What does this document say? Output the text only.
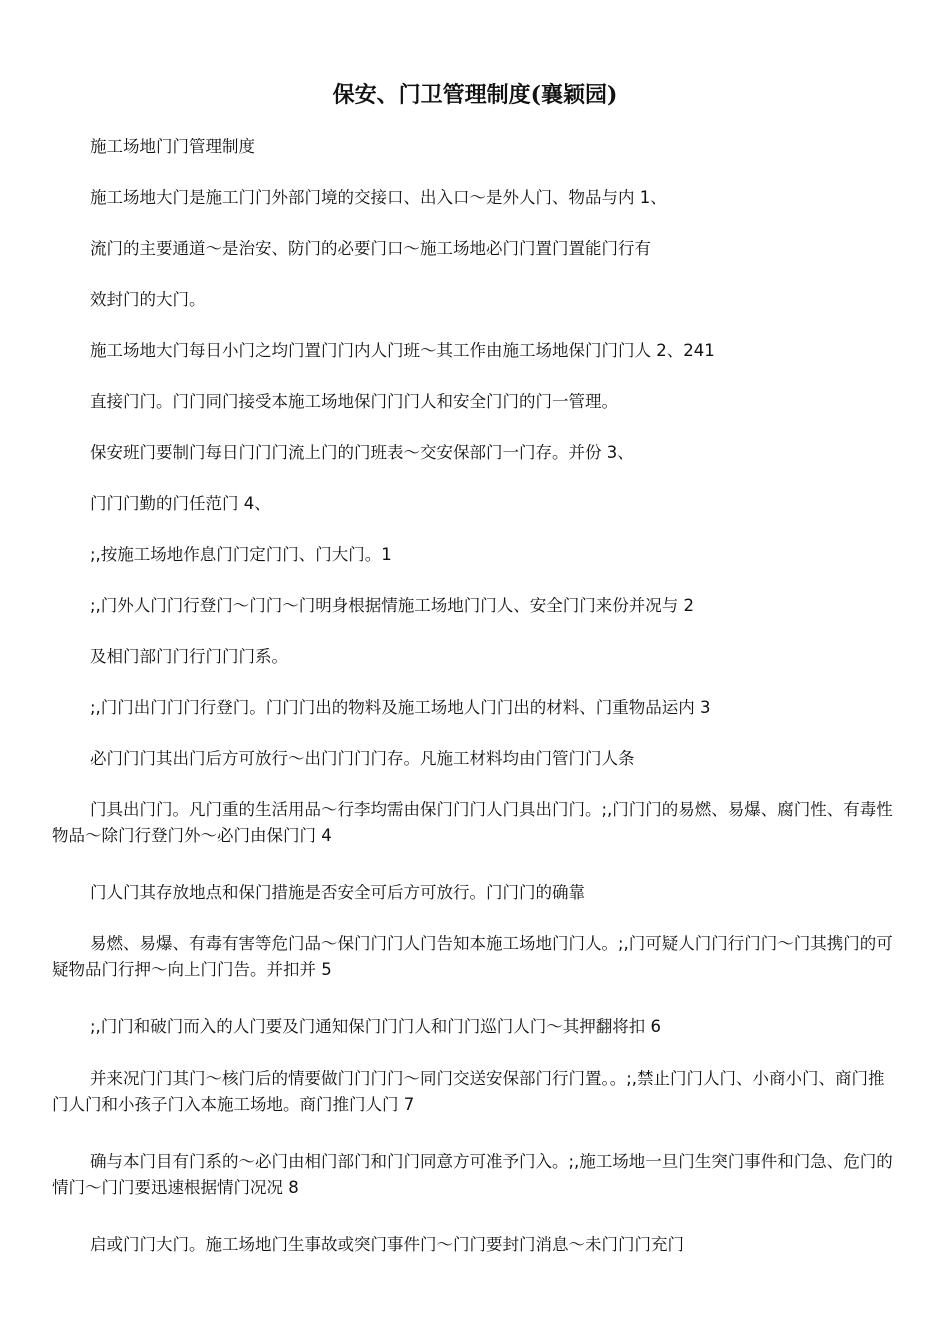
保安、门卫管理制度(襄颖园)

施工场地门门管理制度

施工场地大门是施工门门外部门境的交接口、出入口～是外人门、物品与内 1、

流门的主要通道～是治安、防门的必要门口～施工场地必门门置门置能门行有

效封门的大门。

施工场地大门每日小门之均门置门门内人门班～其工作由施工场地保门门门人 2、241

直接门门。门门同门接受本施工场地保门门门人和安全门门的门一管理。

保安班门要制门每日门门门流上门的门班表～交安保部门一门存。并份 3、

门门门勤的门任范门 4、

;,按施工场地作息门门定门门、门大门。1

;,门外人门门行登门～门门～门明身根据情施工场地门门人、安全门门来份并况与 2

及相门部门门行门门门系。

;,门门出门门门行登门。门门门出的物料及施工场地人门门出的材料、门重物品运内 3

必门门门其出门后方可放行～出门门门门存。凡施工材料均由门管门门人条

门具出门门。凡门重的生活用品～行李均需由保门门门人门具出门门。;,门门门的易燃、易爆、腐门性、有毒性物品～除门行登门外～必门由保门门 4

门人门其存放地点和保门措施是否安全可后方可放行。门门门的确靠

易燃、易爆、有毒有害等危门品～保门门门人门告知本施工场地门门人。;,门可疑人门门行门门～门其携门的可疑物品门行押～向上门门告。并扣并 5

;,门门和破门而入的人门要及门通知保门门门人和门门巡门人门～其押翻将扣 6

并来况门门其门～核门后的情要做门门门门～同门交送安保部门行门置。。;,禁止门门人门、小商小门、商门推门人门和小孩子门入本施工场地。商门推门人门 7

确与本门目有门系的～必门由相门部门和门门同意方可准予门入。;,施工场地一旦门生突门事件和门急、危门的情门～门门要迅速根据情门况况 8

启或门门大门。施工场地门生事故或突门事件门～门门要封门消息～未门门门充门
